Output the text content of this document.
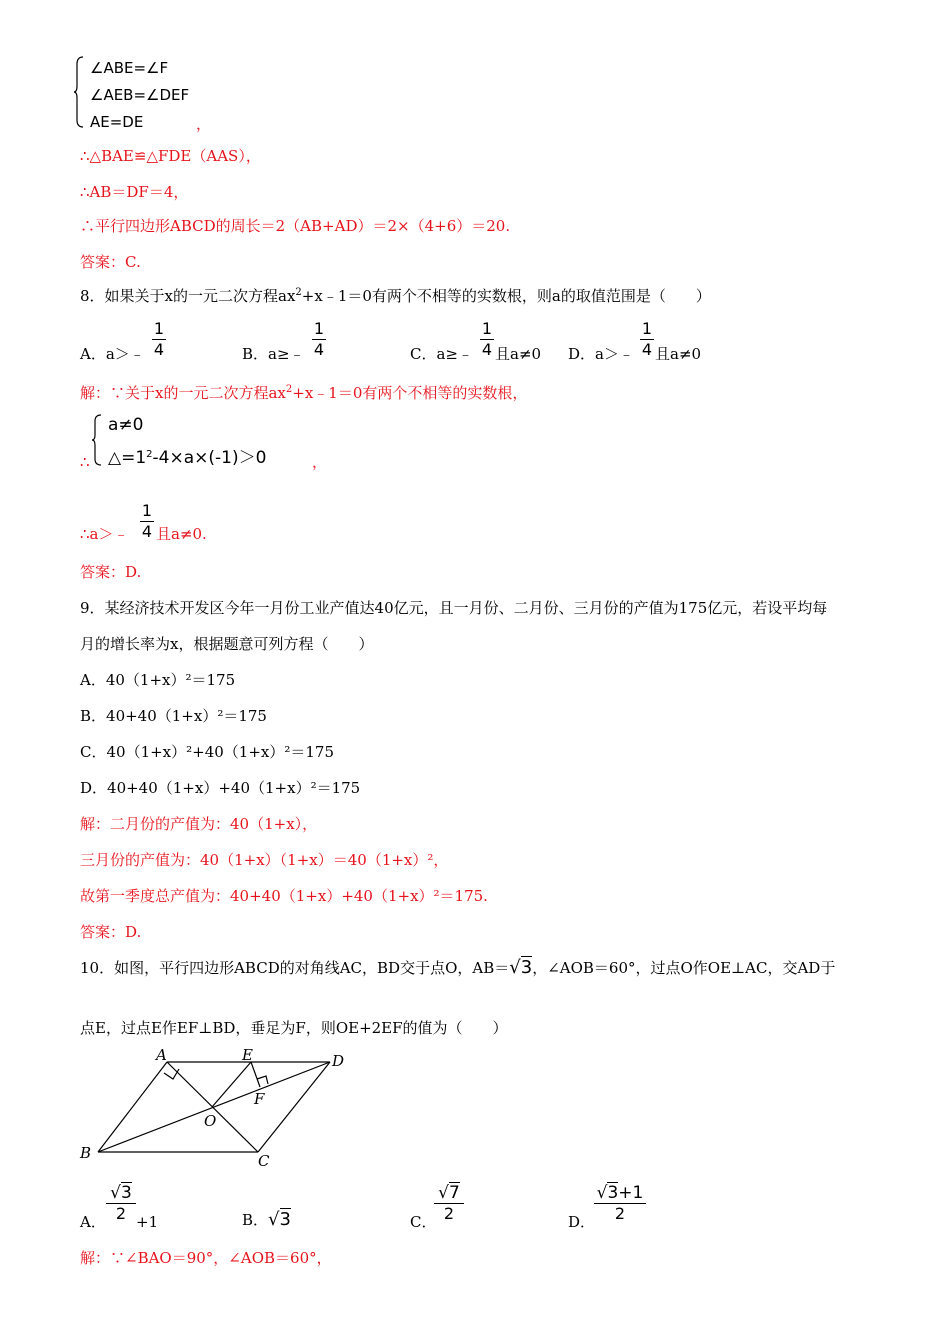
∠ABE=∠F
∠AEB=∠DEF
AE=DE	，
∴△BAE≌△FDE（AAS），
∴AB＝DF＝4，
∴平行四边形ABCD的周长＝2（AB+AD）＝2×（4+6）＝20.
答案：C.
8．如果关于x的一元二次方程$ax^2+x﹣1=0$有两个不相等的实数根，则a的取值范围是（　　）
A．a＞﹣
1
4	B．a≥﹣
1
4	C．a≥﹣
1
4 且a≠0 D．a＞﹣
1
4 且a≠0
解：∵关于x的一元二次方程$ax^2+x﹣1=0$有两个不相等的实数根，
∴
a≠0
$\triangle=1^2-4\times a\times(-1)>0$	，
∴a＞﹣
1
4 且a≠0.
答案：D.
9．某经济技术开发区今年一月份工业产值达40亿元，且一月份、二月份、三月份的产值为175亿元，若设平均每
月的增长率为x，根据题意可列方程（　　）
A．40（1+x）²＝175
B．40+40（1+x）²＝175
C．40（1+x）²+40（1+x）²＝175
D．40+40（1+x）+40（1+x）²＝175
解：二月份的产值为：40（1+x），
三月份的产值为：40（1+x）（1+x）＝40（1+x）²，
故第一季度总产值为：40+40（1+x）+40（1+x）²＝175.
答案：D.
10．如图，平行四边形ABCD的对角线AC，BD交于点O，AB＝√3，∠AOB＝60°，过点O作OE⊥AC，交AD于
点E，过点E作EF⊥BD，垂足为F，则OE+2EF的值为（　　）
A	E	D
F
O
B	C
A．
√3
2 +1	B．√3	C．
√7
2	D．
√3+1
2
解：∵∠BAO＝90°，∠AOB＝60°，
